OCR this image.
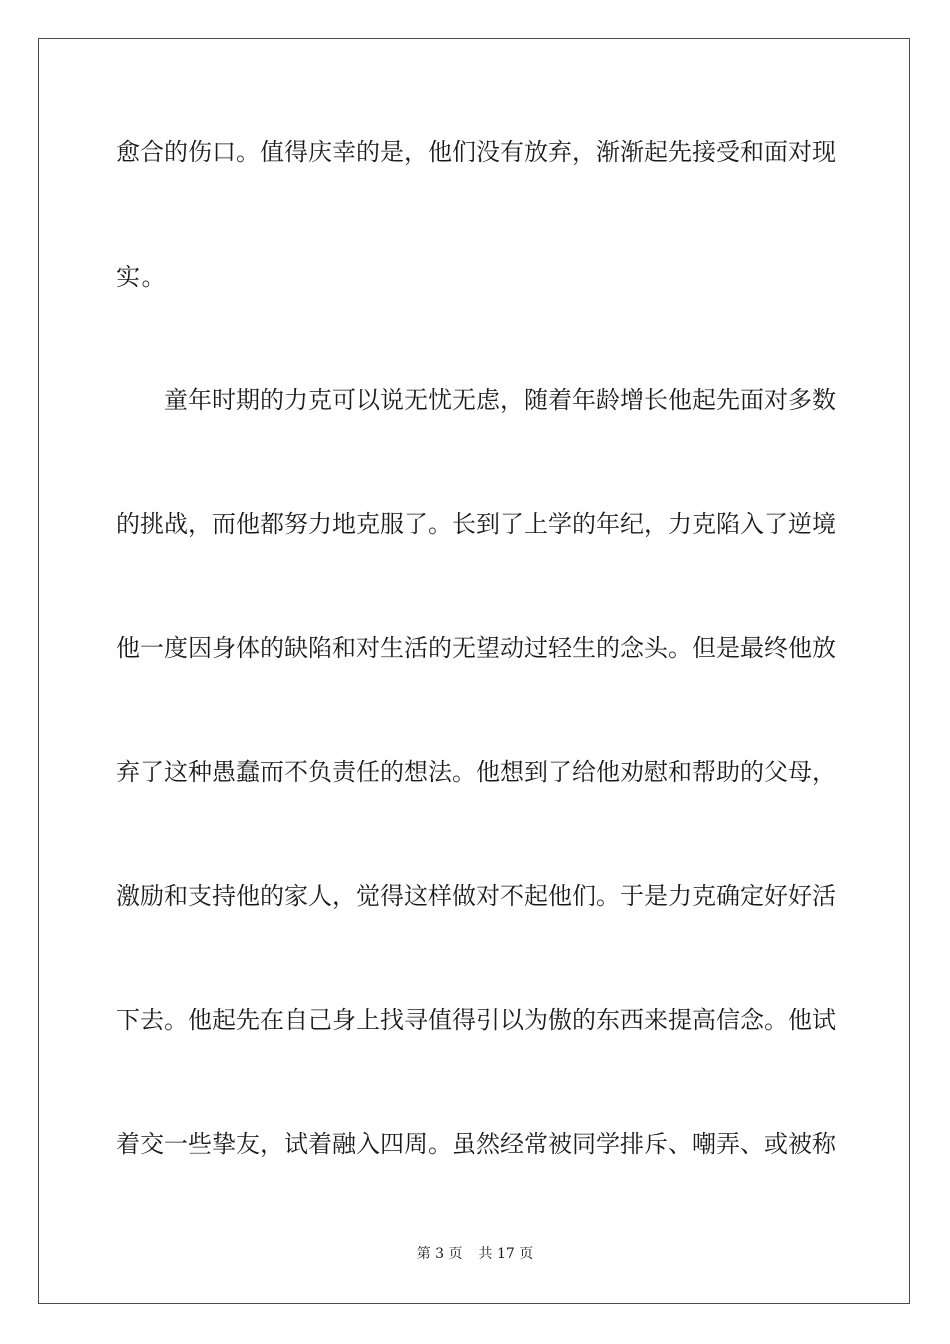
愈合的伤口。值得庆幸的是，他们没有放弃，渐渐起先接受和面对现
实。
童年时期的力克可以说无忧无虑，随着年龄增长他起先面对多数
的挑战，而他都努力地克服了。长到了上学的年纪，力克陷入了逆境
他一度因身体的缺陷和对生活的无望动过轻生的念头。但是最终他放
弃了这种愚蠢而不负责任的想法。他想到了给他劝慰和帮助的父母，
激励和支持他的家人，觉得这样做对不起他们。于是力克确定好好活
下去。他起先在自己身上找寻值得引以为傲的东西来提高信念。他试
着交一些挚友，试着融入四周。虽然经常被同学排斥、嘲弄、或被称
第 3 页 共 17 页
